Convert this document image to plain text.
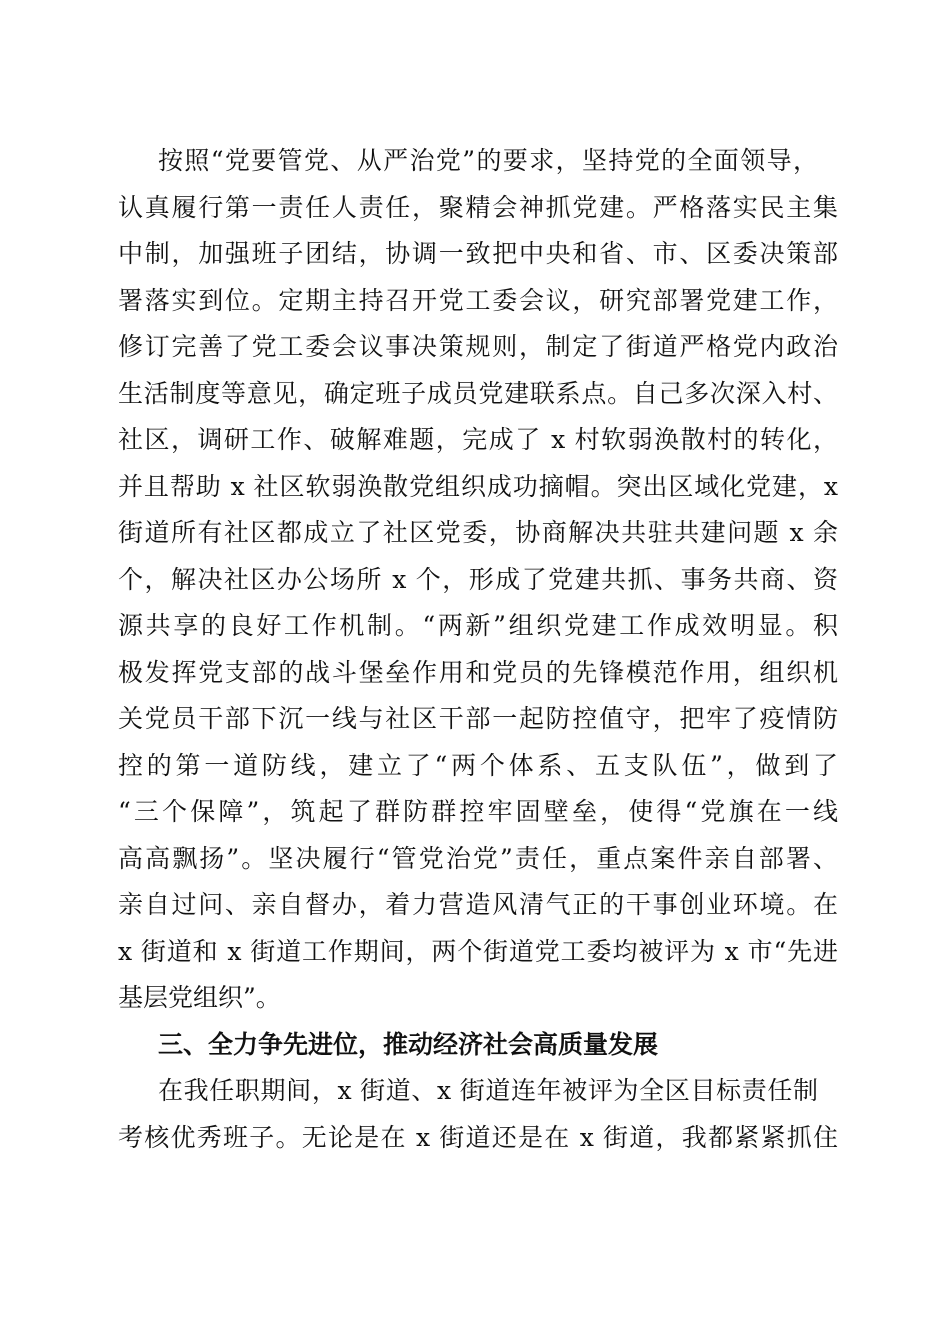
按照“党要管党、从严治党”的要求，坚持党的全面领导，

认真履行第一责任人责任，聚精会神抓党建。严格落实民主集

中制，加强班子团结，协调一致把中央和省、市、区委决策部

署落实到位。定期主持召开党工委会议，研究部署党建工作，

修订完善了党工委会议事决策规则，制定了街道严格党内政治

生活制度等意见，确定班子成员党建联系点。自己多次深入村、

社区，调研工作、破解难题，完成了 x 村软弱涣散村的转化，

并且帮助 x 社区软弱涣散党组织成功摘帽。突出区域化党建，x

街道所有社区都成立了社区党委，协商解决共驻共建问题 x 余

个，解决社区办公场所 x 个，形成了党建共抓、事务共商、资

源共享的良好工作机制。“两新”组织党建工作成效明显。积

极发挥党支部的战斗堡垒作用和党员的先锋模范作用，组织机

关党员干部下沉一线与社区干部一起防控值守，把牢了疫情防

控的第一道防线，建立了“两个体系、五支队伍”，做到了

“三个保障”，筑起了群防群控牢固壁垒，使得“党旗在一线

高高飘扬”。坚决履行“管党治党”责任，重点案件亲自部署、

亲自过问、亲自督办，着力营造风清气正的干事创业环境。在

x 街道和 x 街道工作期间，两个街道党工委均被评为 x 市“先进

基层党组织”。

三、全力争先进位，推动经济社会高质量发展

在我任职期间，x 街道、x 街道连年被评为全区目标责任制

考核优秀班子。无论是在 x 街道还是在 x 街道，我都紧紧抓住
